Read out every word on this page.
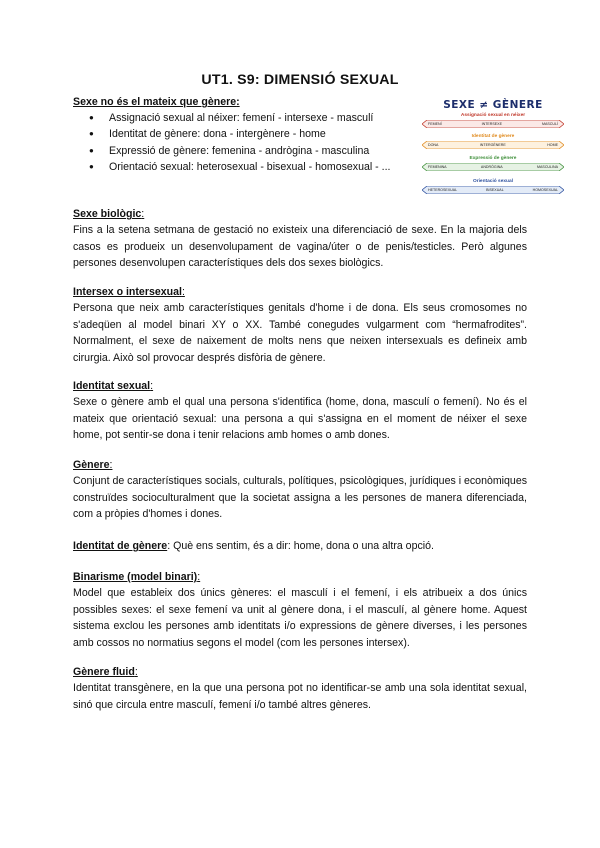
UT1. S9: DIMENSIÓ SEXUAL

Sexe no és el mateix que gènere:

● Assignació sexual al néixer: femení - intersexe - masculí
● Identitat de gènere: dona - intergènere - home
● Expressió de gènere: femenina - andrògina - masculina
● Orientació sexual: heterosexual - bisexual - homosexual - ...
SEXE ≠ GÈNERE
Assignació sexual en néixer
FEMENÍ	INTERSEXE	MASCULÍ
Identitat de gènere
DONA	INTERGÈNERE	HOME
Expressió de gènere
FEMENINA	ANDRÒGINA	MASCULINA
Orientació sexual
HETEROSEXUAL	BISEXUAL	HOMOSEXUAL
Sexe biològic:

Fins a la setena setmana de gestació no existeix una diferenciació de sexe. En la majoria dels casos es produeix un desenvolupament de vagina/úter o de penis/testicles. Però algunes persones desenvolupen característiques dels dos sexes biològics.

Intersex o intersexual:

Persona que neix amb característiques genitals d'home i de dona. Els seus cromosomes no s'adeqüen al model binari XY o XX. També conegudes vulgarment com “hermafrodites”. Normalment, el sexe de naixement de molts nens que neixen intersexuals es defineix amb cirurgia. Això sol provocar després disfòria de gènere.

Identitat sexual:

Sexe o gènere amb el qual una persona s'identifica (home, dona, masculí o femení). No és el mateix que orientació sexual: una persona a qui s'assigna en el moment de néixer el sexe home, pot sentir-se dona i tenir relacions amb homes o amb dones.

Gènere:

Conjunt de característiques socials, culturals, polítiques, psicològiques, jurídiques i econòmiques construïdes socioculturalment que la societat assigna a les persones de manera diferenciada, com a pròpies d'homes i dones.

Identitat de gènere: Què ens sentim, és a dir: home, dona o una altra opció.
Binarisme (model binari):

Model que estableix dos únics gèneres: el masculí i el femení, i els atribueix a dos únics possibles sexes: el sexe femení va unit al gènere dona, i el masculí, al gènere home. Aquest sistema exclou les persones amb identitats i/o expressions de gènere diverses, i les persones amb cossos no normatius segons el model (com les persones intersex).

Gènere fluid:

Identitat transgènere, en la que una persona pot no identificar-se amb una sola identitat sexual, sinó que circula entre masculí, femení i/o també altres gèneres.
